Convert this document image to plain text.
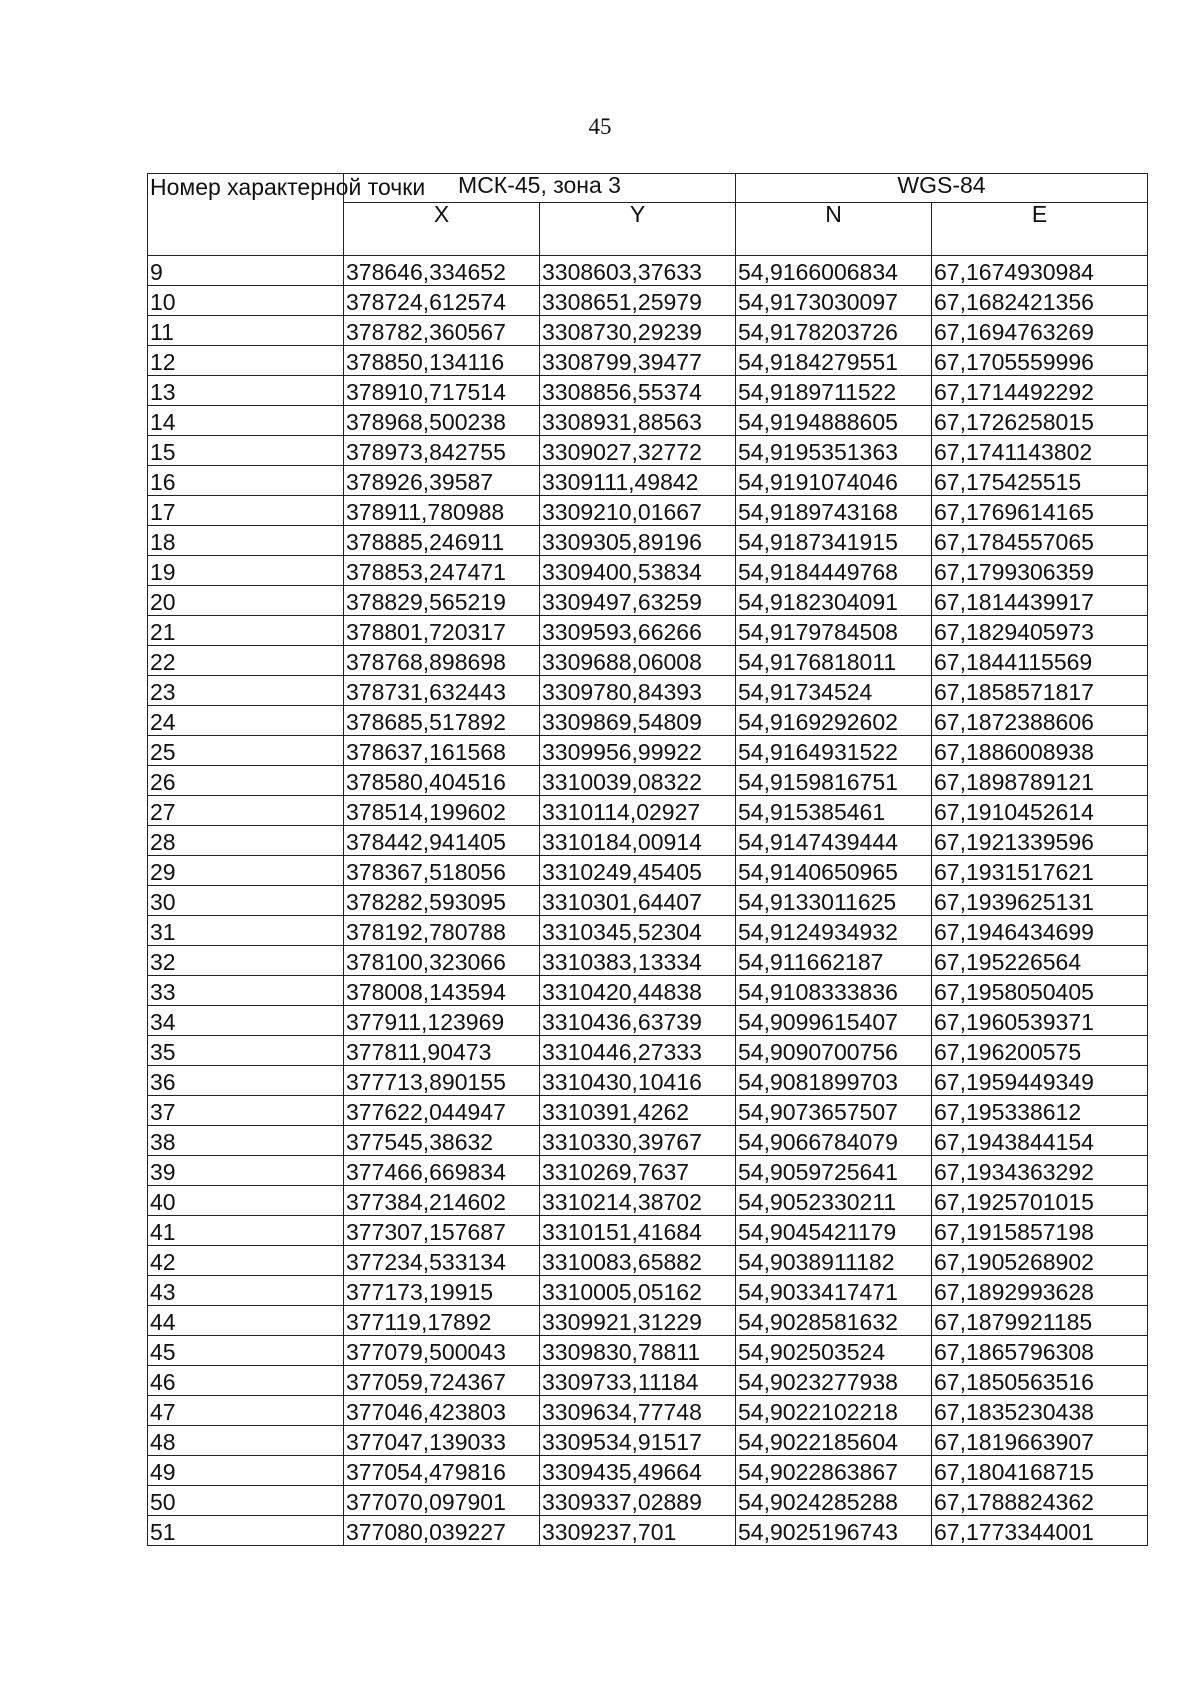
45
Номер характерной точки	МСК-45, зона 3		WGS-84	
	X	Y	N	E
9	378646,334652	3308603,37633	54,9166006834	67,1674930984
10	378724,612574	3308651,25979	54,9173030097	67,1682421356
11	378782,360567	3308730,29239	54,9178203726	67,1694763269
12	378850,134116	3308799,39477	54,9184279551	67,1705559996
13	378910,717514	3308856,55374	54,9189711522	67,1714492292
14	378968,500238	3308931,88563	54,9194888605	67,1726258015
15	378973,842755	3309027,32772	54,9195351363	67,1741143802
16	378926,39587	3309111,49842	54,9191074046	67,175425515
17	378911,780988	3309210,01667	54,9189743168	67,1769614165
18	378885,246911	3309305,89196	54,9187341915	67,1784557065
19	378853,247471	3309400,53834	54,9184449768	67,1799306359
20	378829,565219	3309497,63259	54,9182304091	67,1814439917
21	378801,720317	3309593,66266	54,9179784508	67,1829405973
22	378768,898698	3309688,06008	54,9176818011	67,1844115569
23	378731,632443	3309780,84393	54,91734524	67,1858571817
24	378685,517892	3309869,54809	54,9169292602	67,1872388606
25	378637,161568	3309956,99922	54,9164931522	67,1886008938
26	378580,404516	3310039,08322	54,9159816751	67,1898789121
27	378514,199602	3310114,02927	54,915385461	67,1910452614
28	378442,941405	3310184,00914	54,9147439444	67,1921339596
29	378367,518056	3310249,45405	54,9140650965	67,1931517621
30	378282,593095	3310301,64407	54,9133011625	67,1939625131
31	378192,780788	3310345,52304	54,9124934932	67,1946434699
32	378100,323066	3310383,13334	54,911662187	67,195226564
33	378008,143594	3310420,44838	54,9108333836	67,1958050405
34	377911,123969	3310436,63739	54,9099615407	67,1960539371
35	377811,90473	3310446,27333	54,9090700756	67,196200575
36	377713,890155	3310430,10416	54,9081899703	67,1959449349
37	377622,044947	3310391,4262	54,9073657507	67,195338612
38	377545,38632	3310330,39767	54,9066784079	67,1943844154
39	377466,669834	3310269,7637	54,9059725641	67,1934363292
40	377384,214602	3310214,38702	54,9052330211	67,1925701015
41	377307,157687	3310151,41684	54,9045421179	67,1915857198
42	377234,533134	3310083,65882	54,9038911182	67,1905268902
43	377173,19915	3310005,05162	54,9033417471	67,1892993628
44	377119,17892	3309921,31229	54,9028581632	67,1879921185
45	377079,500043	3309830,78811	54,902503524	67,1865796308
46	377059,724367	3309733,11184	54,9023277938	67,1850563516
47	377046,423803	3309634,77748	54,9022102218	67,1835230438
48	377047,139033	3309534,91517	54,9022185604	67,1819663907
49	377054,479816	3309435,49664	54,9022863867	67,1804168715
50	377070,097901	3309337,02889	54,9024285288	67,1788824362
51	377080,039227	3309237,701	54,9025196743	67,1773344001
